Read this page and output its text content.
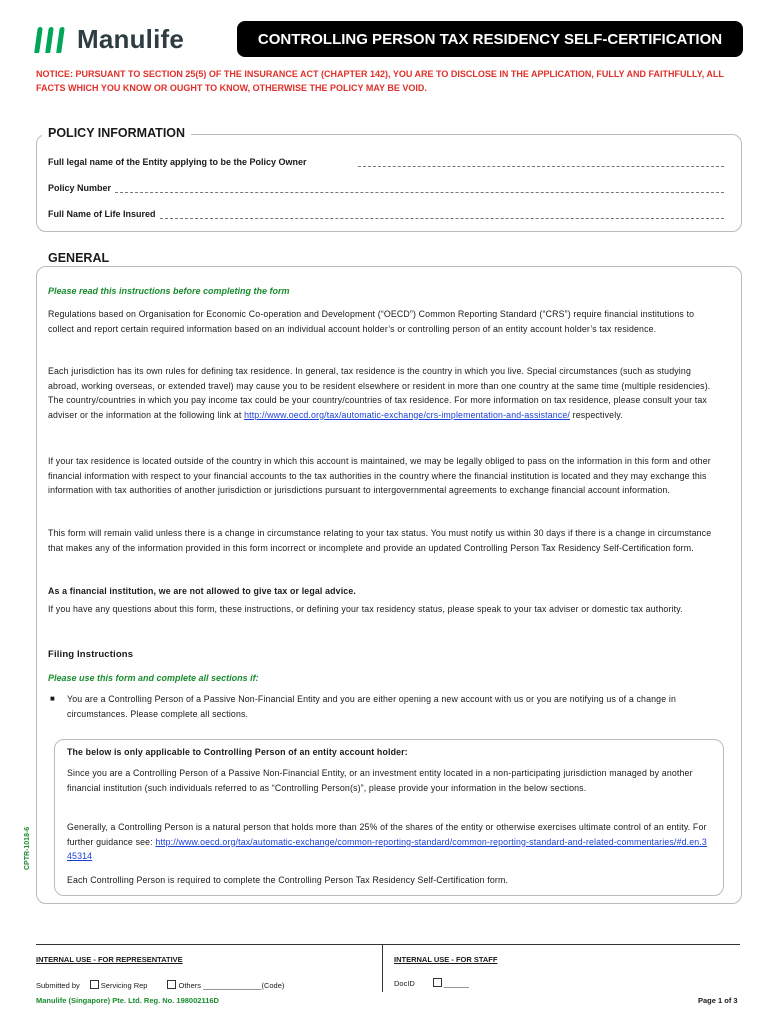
Manulife	CONTROLLING PERSON TAX RESIDENCY SELF-CERTIFICATION
NOTICE: PURSUANT TO SECTION 25(5) OF THE INSURANCE ACT (CHAPTER 142), YOU ARE TO DISCLOSE IN THE APPLICATION, FULLY AND FAITHFULLY, ALL FACTS WHICH YOU KNOW OR OUGHT TO KNOW, OTHERWISE THE POLICY MAY BE VOID.
POLICY INFORMATION
Full legal name of the Entity applying to be the Policy Owner
Policy Number
Full Name of Life Insured
GENERAL
Please read this instructions before completing the form
Regulations based on Organisation for Economic Co-operation and Development (“OECD”) Common Reporting Standard (“CRS”) require financial institutions to collect and report certain required information based on an individual account holder’s or controlling person of an entity account holder’s tax residence.
Each jurisdiction has its own rules for defining tax residence. In general, tax residence is the country in which you live. Special circumstances (such as studying abroad, working overseas, or extended travel) may cause you to be resident elsewhere or resident in more than one country at the same time (multiple residencies). The country/countries in which you pay income tax could be your country/countries of tax residence. For more information on tax residence, please consult your tax adviser or the information at the following link at http://www.oecd.org/tax/automatic-exchange/crs-implementation-and-assistance/ respectively.
If your tax residence is located outside of the country in which this account is maintained, we may be legally obliged to pass on the information in this form and other financial information with respect to your financial accounts to the tax authorities in the country where the financial institution is located and they may exchange this information with tax authorities of another jurisdiction or jurisdictions pursuant to intergovernmental agreements to exchange financial account information.
This form will remain valid unless there is a change in circumstance relating to your tax status. You must notify us within 30 days if there is a change in circumstance that makes any of the information provided in this form incorrect or incomplete and provide an updated Controlling Person Tax Residency Self-Certification form.
As a financial institution, we are not allowed to give tax or legal advice.
If you have any questions about this form, these instructions, or defining your tax residency status, please speak to your tax adviser or domestic tax authority.
Filing Instructions
Please use this form and complete all sections if:
■ You are a Controlling Person of a Passive Non-Financial Entity and you are either opening a new account with us or you are notifying us of a change in circumstances. Please complete all sections.
The below is only applicable to Controlling Person of an entity account holder:
Since you are a Controlling Person of a Passive Non-Financial Entity, or an investment entity located in a non-participating jurisdiction managed by another financial institution (such individuals referred to as “Controlling Person(s)”, please provide your information in the below sections.
Generally, a Controlling Person is a natural person that holds more than 25% of the shares of the entity or otherwise exercises ultimate control of an entity. For further guidance see: http://www.oecd.org/tax/automatic-exchange/common-reporting-standard/common-reporting-standard-and-related-commentaries/#d.en.345314
Each Controlling Person is required to complete the Controlling Person Tax Residency Self-Certification form.
CPTR-1018-6
INTERNAL USE - FOR REPRESENTATIVE	INTERNAL USE - FOR STAFF
Submitted by	Servicing Rep	Others ______________(Code)	DocID	______
Manulife (Singapore) Pte. Ltd. Reg. No. 198002116D	Page 1 of 3
